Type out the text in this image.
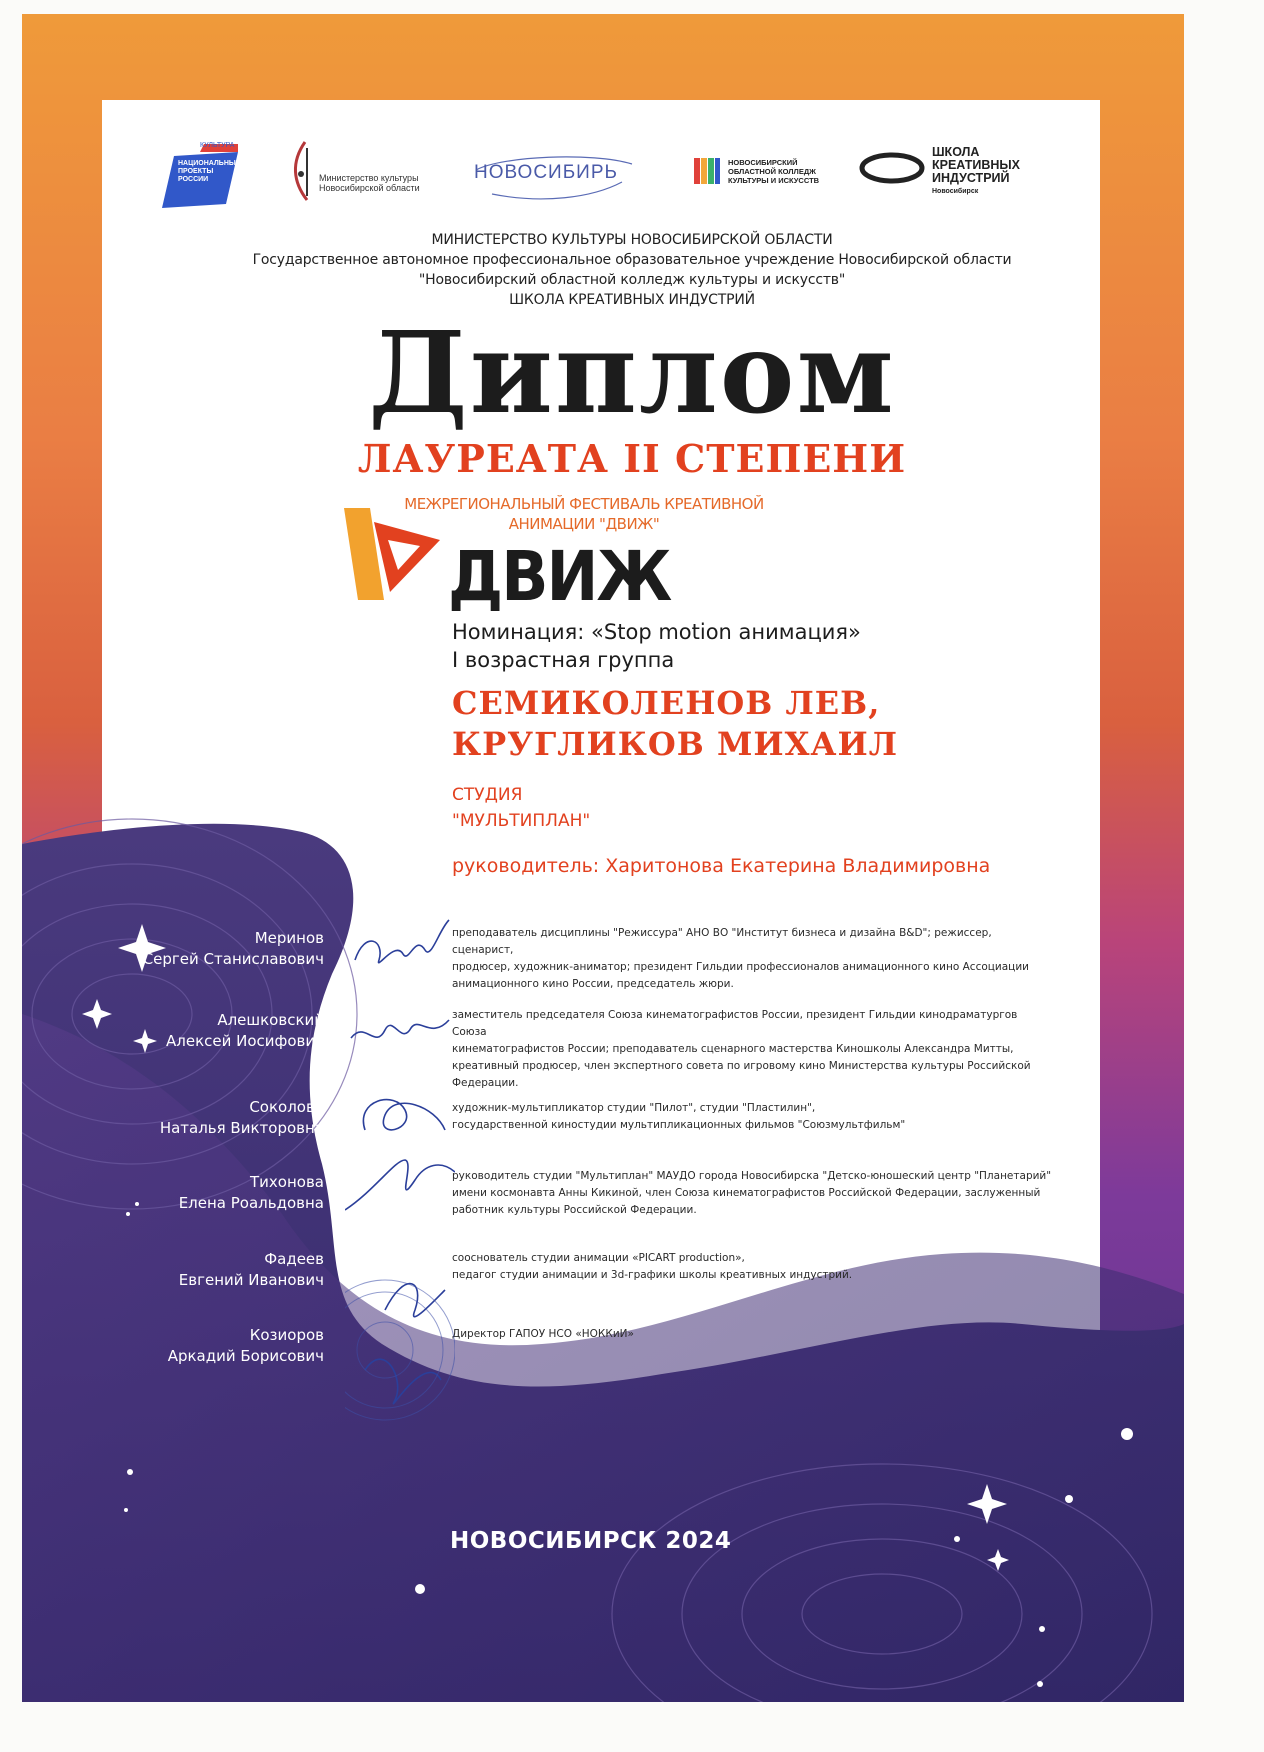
КУЛЬТУРА
НАЦИОНАЛЬНЫЕ ПРОЕКТЫ РОССИИ	Министерство культуры Новосибирской области
НОВОСИБИРЬ	НОВОСИБИРСКИЙ ОБЛАСТНОЙ КОЛЛЕДЖ КУЛЬТУРЫ И ИСКУССТВ
ШКОЛА КРЕАТИВНЫХ ИНДУСТРИЙ
Новосибирск
МИНИСТЕРСТВО КУЛЬТУРЫ НОВОСИБИРСКОЙ ОБЛАСТИ
Государственное автономное профессиональное образовательное учреждение Новосибирской области
"Новосибирский областной колледж культуры и искусств"
ШКОЛА КРЕАТИВНЫХ ИНДУСТРИЙ
Диплом
ЛАУРЕАТА II СТЕПЕНИ
МЕЖРЕГИОНАЛЬНЫЙ ФЕСТИВАЛЬ КРЕАТИВНОЙ
АНИМАЦИИ "ДВИЖ"
ДВИЖ
Номинация: «Stop motion анимация»
I возрастная группа
СЕМИКОЛЕНОВ ЛЕВ,
КРУГЛИКОВ МИХАИЛ
СТУДИЯ
"МУЛЬТИПЛАН"
руководитель: Харитонова Екатерина Владимировна
Меринов
Сергей Станиславович
преподаватель дисциплины "Режиссура" АНО ВО "Институт бизнеса и дизайна B&D"; режиссер, сценарист,
продюсер, художник-аниматор; президент Гильдии профессионалов анимационного кино Ассоциации
анимационного кино России, председатель жюри.
Алешковский
Алексей Иосифович
заместитель председателя Союза кинематографистов России, президент Гильдии кинодраматургов Союза
кинематографистов России; преподаватель сценарного мастерства Киношколы Александра Митты,
креативный продюсер, член экспертного совета по игровому кино Министерства культуры Российской
Федерации.
Соколова
Наталья Викторовна
художник-мультипликатор студии "Пилот", студии "Пластилин",
государственной киностудии мультипликационных фильмов "Союзмультфильм"
Тихонова
Елена Роальдовна
руководитель студии "Мультиплан" МАУДО города Новосибирска "Детско-юношеский центр "Планетарий"
имени космонавта Анны Кикиной, член Союза кинематографистов Российской Федерации, заслуженный
работник культуры Российской Федерации.
Фадеев
Евгений Иванович
сооснователь студии анимации «PICART production»,
педагог студии анимации и 3d-графики школы креативных индустрий.
Козиоров
Аркадий Борисович
Директор ГАПОУ НСО «НОККиИ»
НОВОСИБИРСК 2024
